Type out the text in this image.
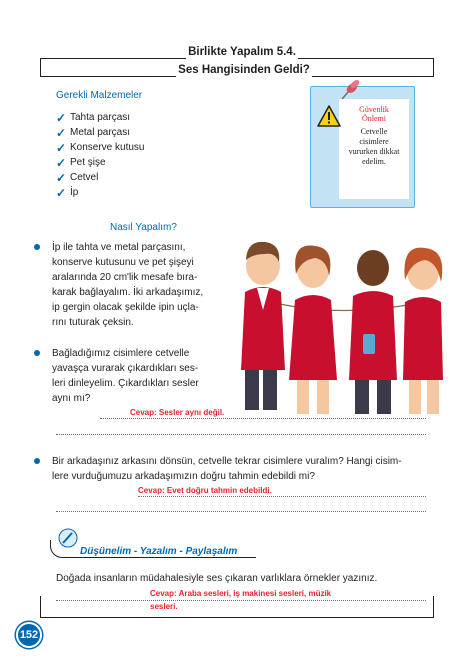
Birlikte Yapalım 5.4.
Ses Hangisinden Geldi?
Gerekli Malzemeler
✓ Tahta parçası
✓ Metal parçası
✓ Konserve kutusu
✓ Pet şişe
✓ Cetvel
✓ İp
Güvenlik
Önlemi
Cetvelle
cisimlere
vururken dikkat
edelim.
Nasıl Yapalım?
İp ile tahta ve metal parçasını,
konserve kutusunu ve pet şişeyi
aralarında 20 cm'lik mesafe bıra-
karak bağlayalım. İki arkadaşımız,
ip gergin olacak şekilde ipin uçla-
rını tuturak çeksin.
Bağladığımız cisimlere cetvelle
yavaşça vurarak çıkardıkları ses-
leri dinleyelim. Çıkardıkları sesler
aynı mı?
Cevap: Sesler aynı değil.
Bir arkadaşınız arkasını dönsün, cetvelle tekrar cisimlere vuralım? Hangi cisim-
lere vurduğumuzu arkadaşımızın doğru tahmin edebildi mi?
Cevap: Evet doğru tahmin edebildi.
Düşünelim - Yazalım - Paylaşalım
Doğada insanların müdahalesiyle ses çıkaran varlıklara örnekler yazınız.
Cevap: Araba sesleri, iş makinesi sesleri, müzik
sesleri.
152
